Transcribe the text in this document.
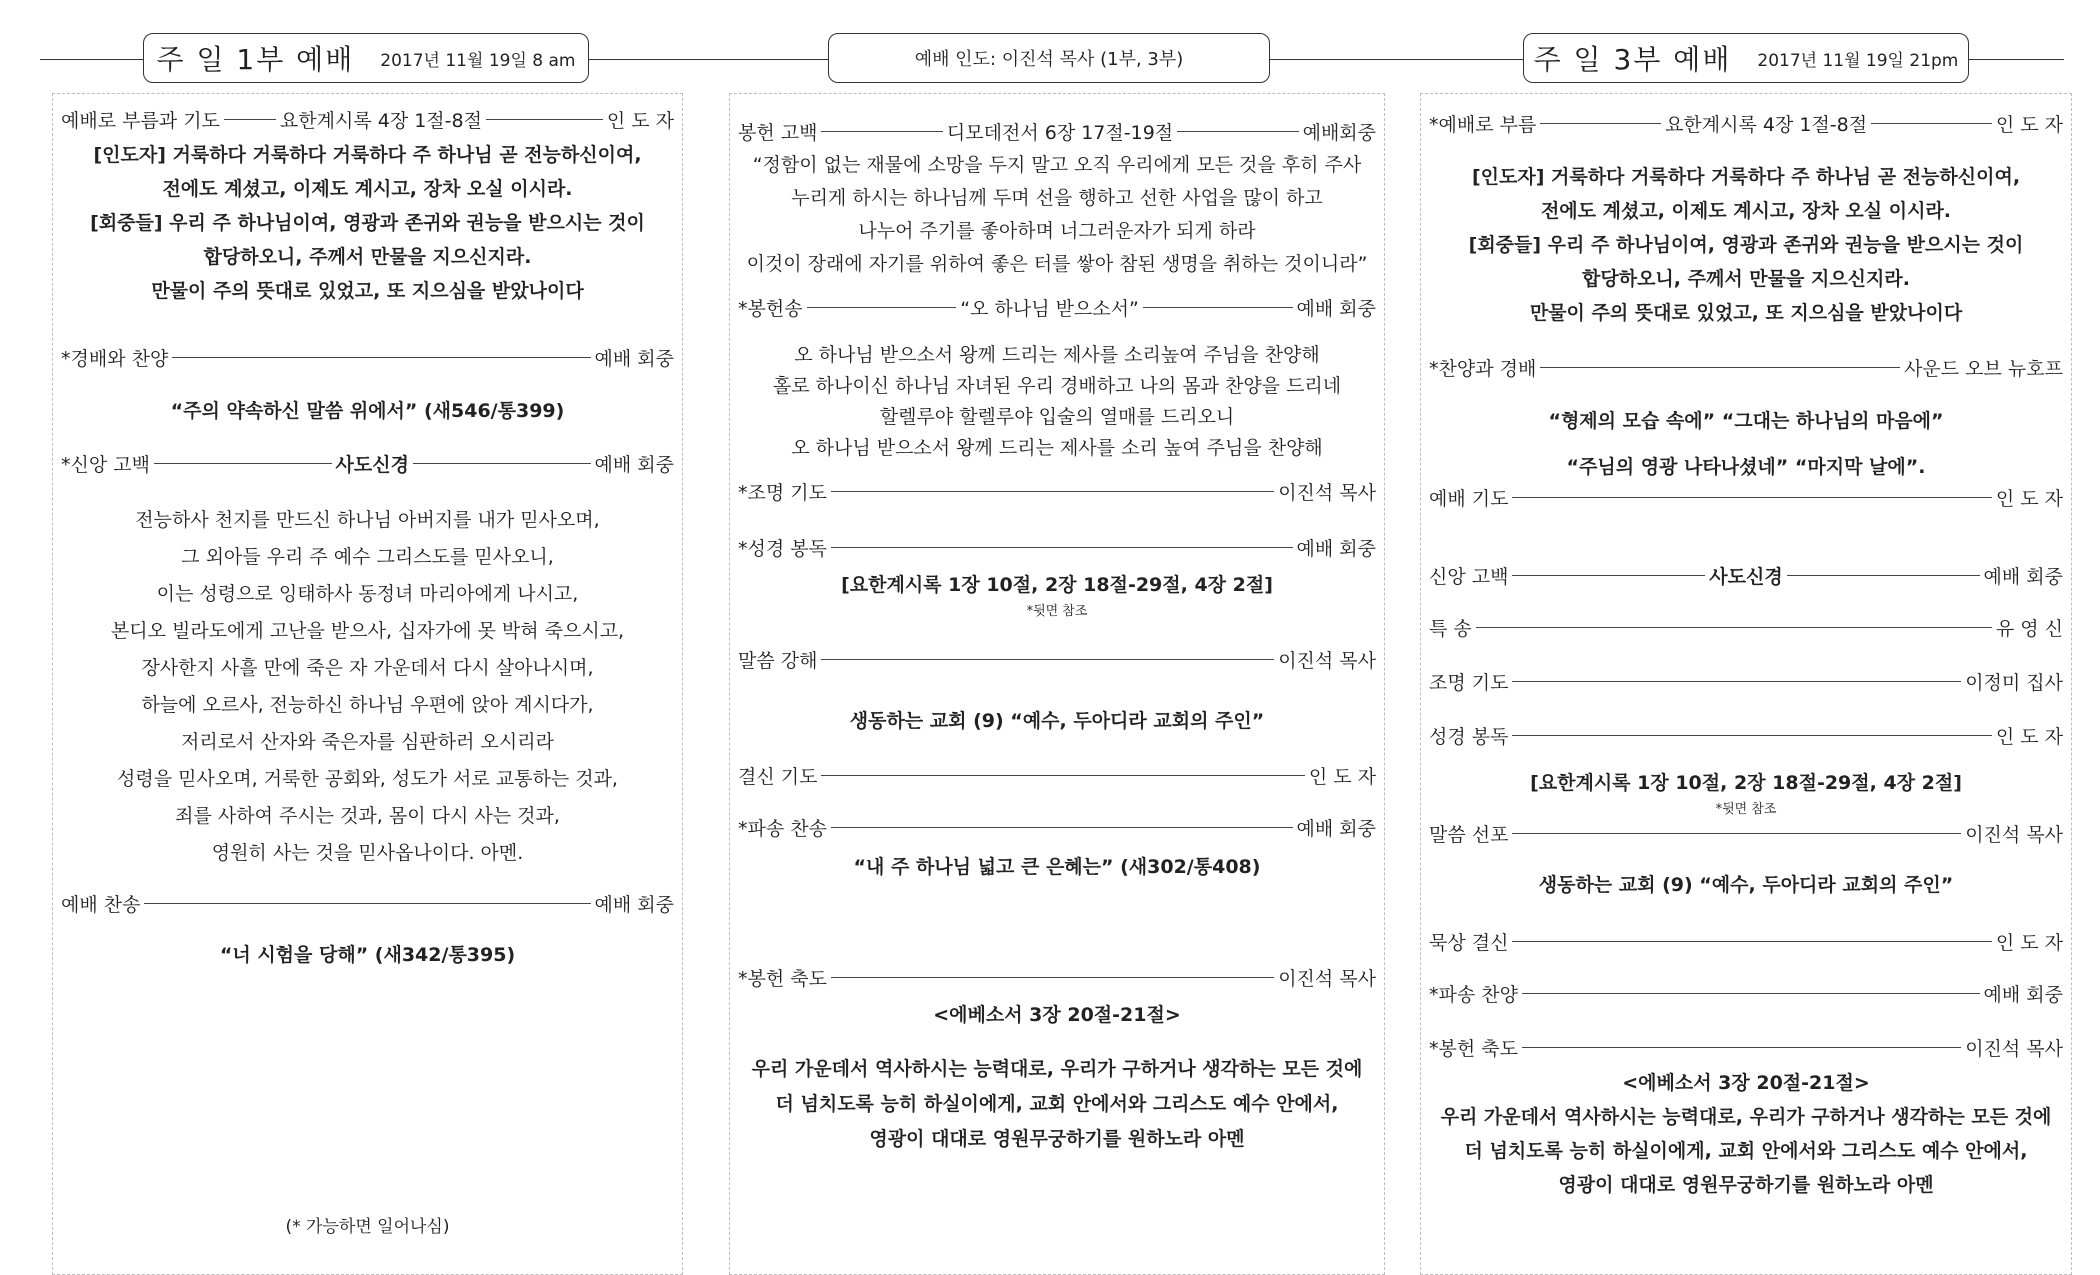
주 일 1부 예배 2017년 11월 19일 8 am	예배 인도: 이진석 목사 (1부, 3부)	주 일 3부 예배 2017년 11월 19일 21pm
예배로 부름과 기도	요한계시록 4장 1절-8절	인 도 자
[인도자] 거룩하다 거룩하다 거룩하다 주 하나님 곧 전능하신이여,
전에도 계셨고, 이제도 계시고, 장차 오실 이시라.
[회중들] 우리 주 하나님이여, 영광과 존귀와 권능을 받으시는 것이
합당하오니, 주께서 만물을 지으신지라.
만물이 주의 뜻대로 있었고, 또 지으심을 받았나이다
*경배와 찬양	예배 회중
“주의 약속하신 말씀 위에서” (새546/통399)
*신앙 고백	사도신경	예배 회중
전능하사 천지를 만드신 하나님 아버지를 내가 믿사오며,
그 외아들 우리 주 예수 그리스도를 믿사오니,
이는 성령으로 잉태하사 동정녀 마리아에게 나시고,
본디오 빌라도에게 고난을 받으사, 십자가에 못 박혀 죽으시고,
장사한지 사흘 만에 죽은 자 가운데서 다시 살아나시며,
하늘에 오르사, 전능하신 하나님 우편에 앉아 계시다가,
저리로서 산자와 죽은자를 심판하러 오시리라
성령을 믿사오며, 거룩한 공회와, 성도가 서로 교통하는 것과,
죄를 사하여 주시는 것과, 몸이 다시 사는 것과,
영원히 사는 것을 믿사옵나이다. 아멘.
예배 찬송	예배 회중
“너 시험을 당해” (새342/통395)
(* 가능하면 일어나심)
봉헌 고백	디모데전서 6장 17절-19절	예배회중
“정함이 없는 재물에 소망을 두지 말고 오직 우리에게 모든 것을 후히 주사
누리게 하시는 하나님께 두며 선을 행하고 선한 사업을 많이 하고
나누어 주기를 좋아하며 너그러운자가 되게 하라
이것이 장래에 자기를 위하여 좋은 터를 쌓아 참된 생명을 취하는 것이니라”
*봉헌송	“오 하나님 받으소서”	예배 회중
오 하나님 받으소서 왕께 드리는 제사를 소리높여 주님을 찬양해
홀로 하나이신 하나님 자녀된 우리 경배하고 나의 몸과 찬양을 드리네
할렐루야 할렐루야 입술의 열매를 드리오니
오 하나님 받으소서 왕께 드리는 제사를 소리 높여 주님을 찬양해
*조명 기도	이진석 목사
*성경 봉독	예배 회중
[요한계시록 1장 10절, 2장 18절-29절, 4장 2절]
*뒷면 참조
말씀 강해	이진석 목사
생동하는 교회 (9) “예수, 두아디라 교회의 주인”
결신 기도	인 도 자
*파송 찬송	예배 회중
“내 주 하나님 넓고 큰 은혜는” (새302/통408)
*봉헌 축도	이진석 목사
<에베소서 3장 20절-21절>
우리 가운데서 역사하시는 능력대로, 우리가 구하거나 생각하는 모든 것에
더 넘치도록 능히 하실이에게, 교회 안에서와 그리스도 예수 안에서,
영광이 대대로 영원무궁하기를 원하노라 아멘
*예배로 부름	요한계시록 4장 1절-8절	인 도 자
[인도자] 거룩하다 거룩하다 거룩하다 주 하나님 곧 전능하신이여,
전에도 계셨고, 이제도 계시고, 장차 오실 이시라.
[회중들] 우리 주 하나님이여, 영광과 존귀와 권능을 받으시는 것이
합당하오니, 주께서 만물을 지으신지라.
만물이 주의 뜻대로 있었고, 또 지으심을 받았나이다
*찬양과 경배	사운드 오브 뉴호프
“형제의 모습 속에” “그대는 하나님의 마음에”
“주님의 영광 나타나셨네” “마지막 날에”.
예배 기도	인 도 자
신앙 고백	사도신경	예배 회중
특 송	유 영 신
조명 기도	이정미 집사
성경 봉독	인 도 자
[요한계시록 1장 10절, 2장 18절-29절, 4장 2절]
*뒷면 참조
말씀 선포	이진석 목사
생동하는 교회 (9) “예수, 두아디라 교회의 주인”
묵상 결신	인 도 자
*파송 찬양	예배 회중
*봉헌 축도	이진석 목사
<에베소서 3장 20절-21절>
우리 가운데서 역사하시는 능력대로, 우리가 구하거나 생각하는 모든 것에
더 넘치도록 능히 하실이에게, 교회 안에서와 그리스도 예수 안에서,
영광이 대대로 영원무궁하기를 원하노라 아멘
